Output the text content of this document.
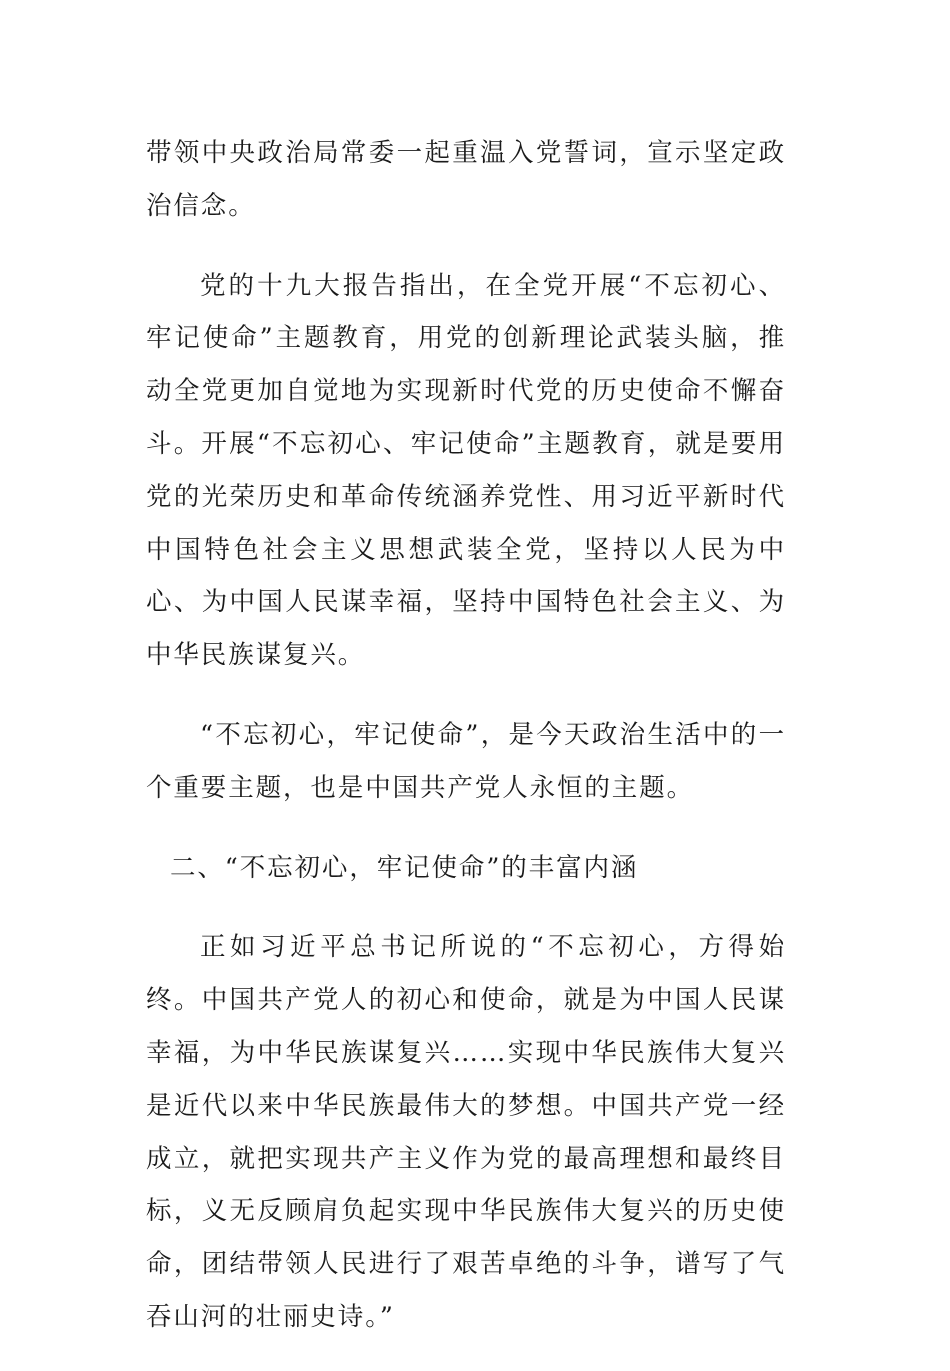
带领中央政治局常委一起重温入党誓词，宣示坚定政治信念。

党的十九大报告指出，在全党开展“不忘初心、牢记使命”主题教育，用党的创新理论武装头脑，推动全党更加自觉地为实现新时代党的历史使命不懈奋斗。开展“不忘初心、牢记使命”主题教育，就是要用党的光荣历史和革命传统涵养党性、用习近平新时代中国特色社会主义思想武装全党，坚持以人民为中心、为中国人民谋幸福，坚持中国特色社会主义、为中华民族谋复兴。

“不忘初心，牢记使命”，是今天政治生活中的一个重要主题，也是中国共产党人永恒的主题。

二、“不忘初心，牢记使命”的丰富内涵

正如习近平总书记所说的“不忘初心，方得始终。中国共产党人的初心和使命，就是为中国人民谋幸福，为中华民族谋复兴……实现中华民族伟大复兴是近代以来中华民族最伟大的梦想。中国共产党一经成立，就把实现共产主义作为党的最高理想和最终目标，义无反顾肩负起实现中华民族伟大复兴的历史使命，团结带领人民进行了艰苦卓绝的斗争，谱写了气吞山河的壮丽史诗。”
